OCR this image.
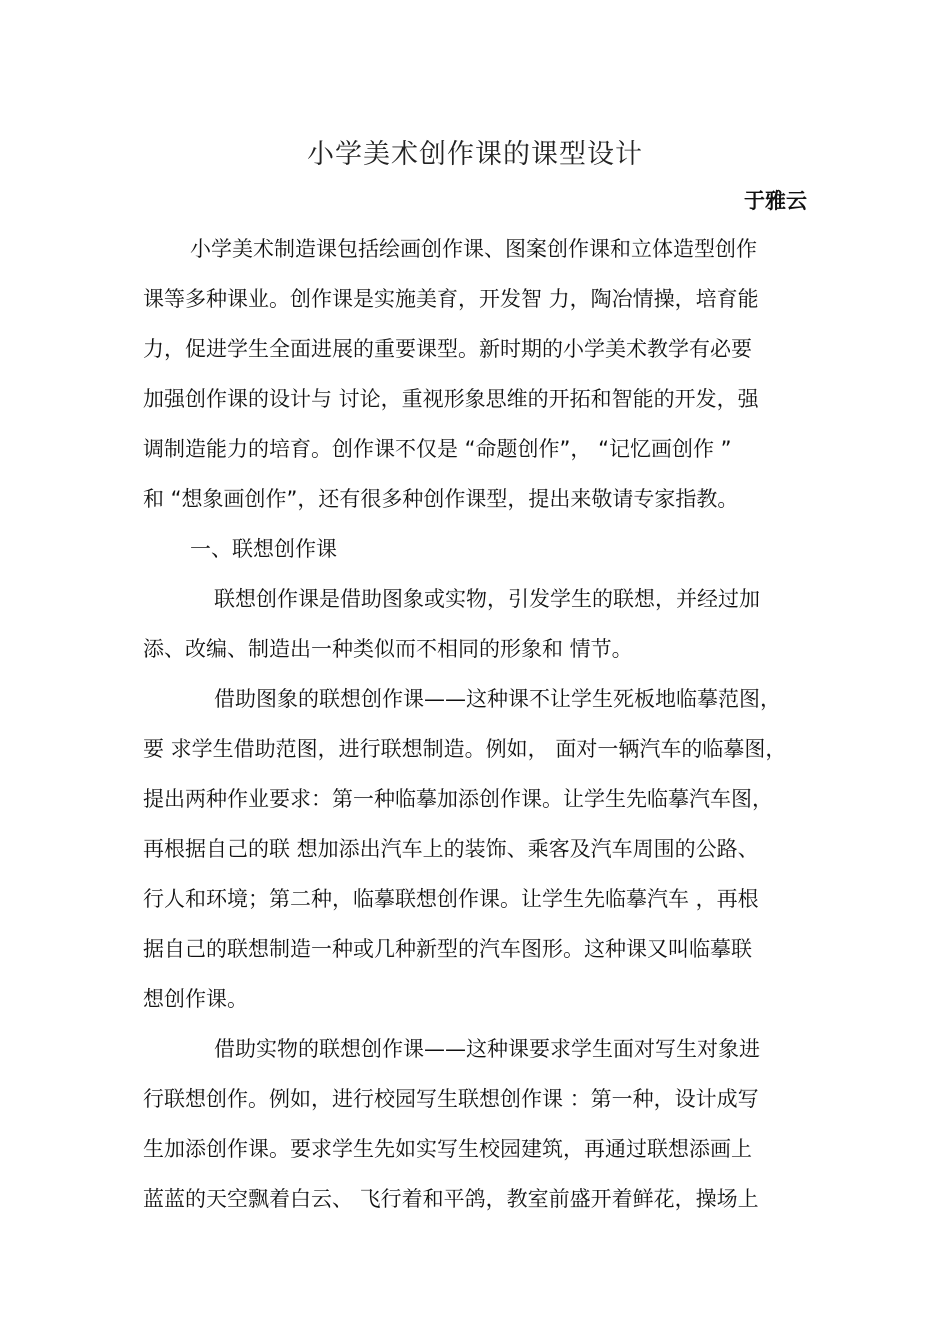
小学美术创作课的课型设计
于雅云
小学美术制造课包括绘画创作课、图案创作课和立体造型创作
课等多种课业。创作课是实施美育，开发智 力，陶冶情操，培育能
力，促进学生全面进展的重要课型。新时期的小学美术教学有必要
加强创作课的设计与 讨论，重视形象思维的开拓和智能的开发，强
调制造能力的培育。创作课不仅是 “命题创作”， “记忆画创作 ”
和 “想象画创作”，还有很多种创作课型，提出来敬请专家指教。
一、联想创作课
联想创作课是借助图象或实物，引发学生的联想，并经过加
添、改编、制造出一种类似而不相同的形象和 情节。
借助图象的联想创作课——这种课不让学生死板地临摹范图，
要 求学生借助范图，进行联想制造。例如， 面对一辆汽车的临摹图，
提出两种作业要求：第一种临摹加添创作课。让学生先临摹汽车图，
再根据自己的联 想加添出汽车上的装饰、乘客及汽车周围的公路、
行人和环境；第二种，临摹联想创作课。让学生先临摹汽车 ，再根
据自己的联想制造一种或几种新型的汽车图形。这种课又叫临摹联
想创作课。
借助实物的联想创作课——这种课要求学生面对写生对象进
行联想创作。例如，进行校园写生联想创作课 ：第一种，设计成写
生加添创作课。要求学生先如实写生校园建筑，再通过联想添画上
蓝蓝的天空飘着白云、 飞行着和平鸽，教室前盛开着鲜花，操场上
